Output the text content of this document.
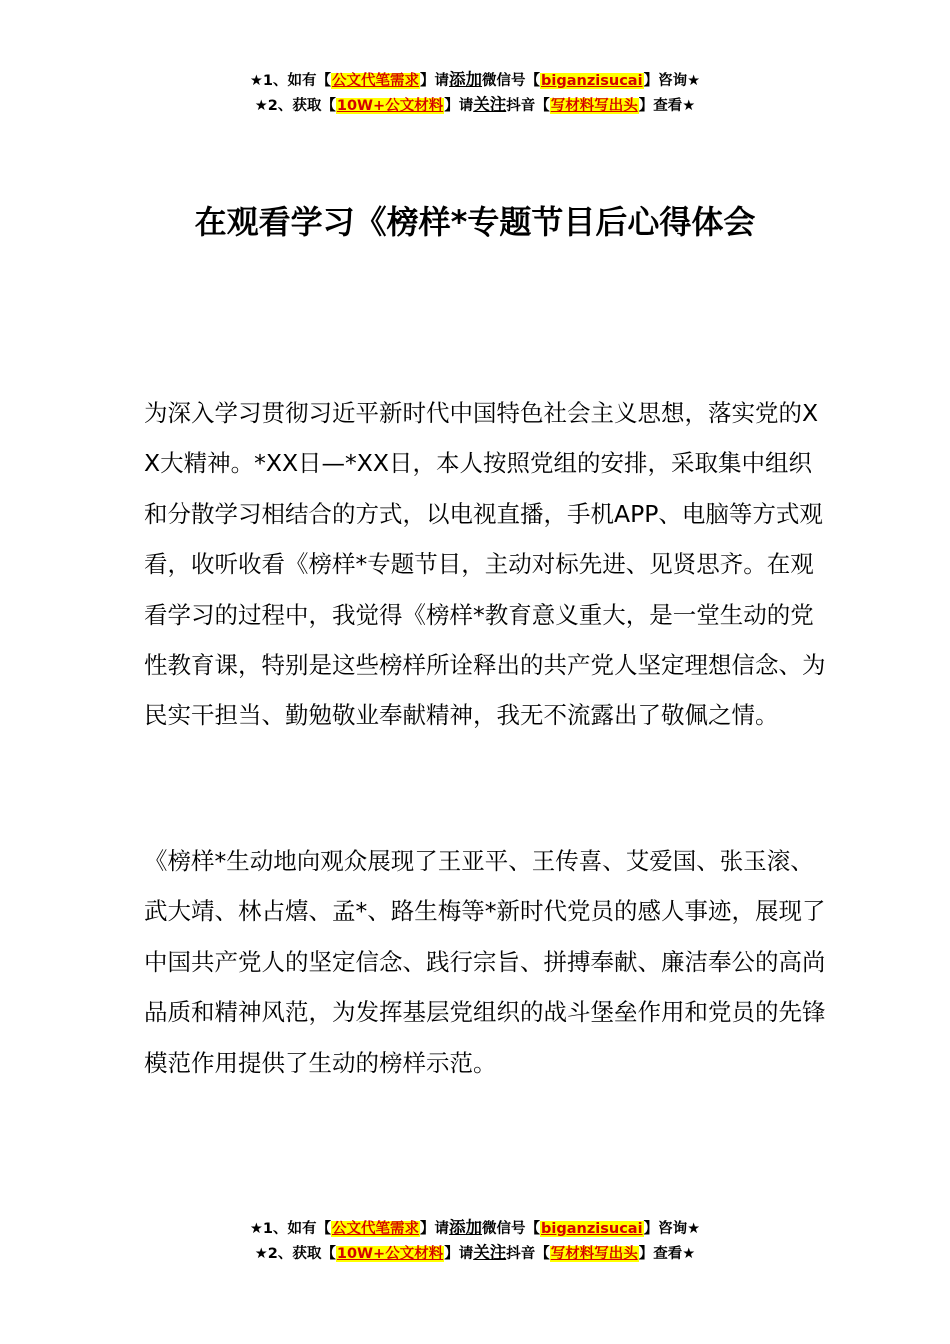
★1、如有【公文代笔需求】请添加微信号【biganzisucai】咨询★
★2、获取【10W+公文材料】请关注抖音【写材料写出头】查看★
在观看学习《榜样*专题节目后心得体会

为深入学习贯彻习近平新时代中国特色社会主义思想，落实党的XX大精神。*XX日—*XX日，本人按照党组的安排，采取集中组织和分散学习相结合的方式，以电视直播，手机APP、电脑等方式观看，收听收看《榜样*专题节目，主动对标先进、见贤思齐。在观看学习的过程中，我觉得《榜样*教育意义重大，是一堂生动的党性教育课，特别是这些榜样所诠释出的共产党人坚定理想信念、为民实干担当、勤勉敬业奉献精神，我无不流露出了敬佩之情。

《榜样*生动地向观众展现了王亚平、王传喜、艾爱国、张玉滚、武大靖、林占熺、孟*、路生梅等*新时代党员的感人事迹，展现了中国共产党人的坚定信念、践行宗旨、拼搏奉献、廉洁奉公的高尚品质和精神风范，为发挥基层党组织的战斗堡垒作用和党员的先锋模范作用提供了生动的榜样示范。

★1、如有【公文代笔需求】请添加微信号【biganzisucai】咨询★
★2、获取【10W+公文材料】请关注抖音【写材料写出头】查看★
